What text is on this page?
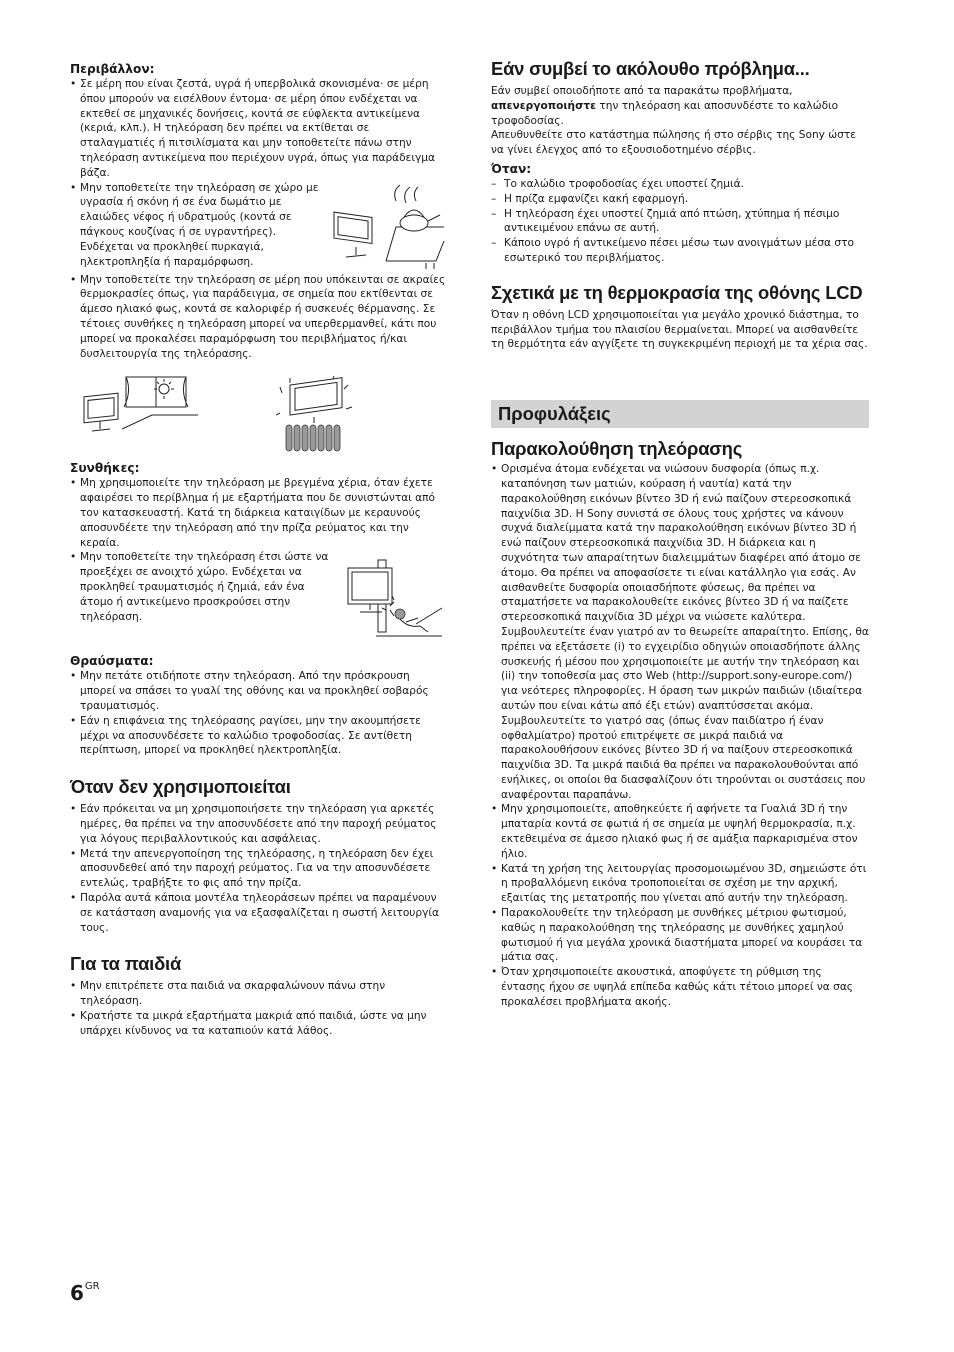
Περιβάλλον:

• Σε μέρη που είναι ζεστά, υγρά ή υπερβολικά σκονισμένα· σε μέρη όπου μπορούν να εισέλθουν έντομα· σε μέρη όπου ενδέχεται να εκτεθεί σε μηχανικές δονήσεις, κοντά σε εύφλεκτα αντικείμενα (κεριά, κλπ.). Η τηλεόραση δεν πρέπει να εκτίθεται σε σταλαγματιές ή πιτσιλίσματα και μην τοποθετείτε πάνω στην τηλεόραση αντικείμενα που περιέχουν υγρά, όπως για παράδειγμα βάζα.
• Μην τοποθετείτε την τηλεόραση σε χώρο με υγρασία ή σκόνη ή σε ένα δωμάτιο με ελαιώδες νέφος ή υδρατμούς (κοντά σε πάγκους κουζίνας ή σε υγραντήρες). Ενδέχεται να προκληθεί πυρκαγιά, ηλεκτροπληξία ή παραμόρφωση.
• Μην τοποθετείτε την τηλεόραση σε μέρη που υπόκεινται σε ακραίες θερμοκρασίες όπως, για παράδειγμα, σε σημεία που εκτίθενται σε άμεσο ηλιακό φως, κοντά σε καλοριφέρ ή συσκευές θέρμανσης. Σε τέτοιες συνθήκες η τηλεόραση μπορεί να υπερθερμανθεί, κάτι που μπορεί να προκαλέσει παραμόρφωση του περιβλήματος ή/και δυσλειτουργία της τηλεόρασης.

Συνθήκες:

• Μη χρησιμοποιείτε την τηλεόραση με βρεγμένα χέρια, όταν έχετε αφαιρέσει το περίβλημα ή με εξαρτήματα που δε συνιστώνται από τον κατασκευαστή. Κατά τη διάρκεια καταιγίδων με κεραυνούς αποσυνδέετε την τηλεόραση από την πρίζα ρεύματος και την κεραία.
• Μην τοποθετείτε την τηλεόραση έτσι ώστε να προεξέχει σε ανοιχτό χώρο. Ενδέχεται να προκληθεί τραυματισμός ή ζημιά, εάν ένα άτομο ή αντικείμενο προσκρούσει στην τηλεόραση.

Θραύσματα:

• Μην πετάτε οτιδήποτε στην τηλεόραση. Από την πρόσκρουση μπορεί να σπάσει το γυαλί της οθόνης και να προκληθεί σοβαρός τραυματισμός.
• Εάν η επιφάνεια της τηλεόρασης ραγίσει, μην την ακουμπήσετε μέχρι να αποσυνδέσετε το καλώδιο τροφοδοσίας. Σε αντίθετη περίπτωση, μπορεί να προκληθεί ηλεκτροπληξία.
Όταν δεν χρησιμοποιείται
• Εάν πρόκειται να μη χρησιμοποιήσετε την τηλεόραση για αρκετές ημέρες, θα πρέπει να την αποσυνδέσετε από την παροχή ρεύματος για λόγους περιβαλλοντικούς και ασφάλειας.
• Μετά την απενεργοποίηση της τηλεόρασης, η τηλεόραση δεν έχει αποσυνδεθεί από την παροχή ρεύματος. Για να την αποσυνδέσετε εντελώς, τραβήξτε το φις από την πρίζα.
• Παρόλα αυτά κάποια μοντέλα τηλεοράσεων πρέπει να παραμένουν σε κατάσταση αναμονής για να εξασφαλίζεται η σωστή λειτουργία τους.
Για τα παιδιά
• Μην επιτρέπετε στα παιδιά να σκαρφαλώνουν πάνω στην τηλεόραση.
• Κρατήστε τα μικρά εξαρτήματα μακριά από παιδιά, ώστε να μην υπάρχει κίνδυνος να τα καταπιούν κατά λάθος.
Εάν συμβεί το ακόλουθο πρόβλημα...

Εάν συμβεί οποιοδήποτε από τα παρακάτω προβλήματα, απενεργοποιήστε την τηλεόραση και αποσυνδέστε το καλώδιο τροφοδοσίας.

Απευθυνθείτε στο κατάστημα πώλησης ή στο σέρβις της Sony ώστε να γίνει έλεγχος από το εξουσιοδοτημένο σέρβις.

Όταν:

– Το καλώδιο τροφοδοσίας έχει υποστεί ζημιά.
– Η πρίζα εμφανίζει κακή εφαρμογή.
– Η τηλεόραση έχει υποστεί ζημιά από πτώση, χτύπημα ή πέσιμο αντικειμένου επάνω σε αυτή.
– Κάποιο υγρό ή αντικείμενο πέσει μέσω των ανοιγμάτων μέσα στο εσωτερικό του περιβλήματος.
Σχετικά με τη θερμοκρασία της οθόνης LCD

Όταν η οθόνη LCD χρησιμοποιείται για μεγάλο χρονικό διάστημα, το περιβάλλον τμήμα του πλαισίου θερμαίνεται. Μπορεί να αισθανθείτε τη θερμότητα εάν αγγίξετε τη συγκεκριμένη περιοχή με τα χέρια σας.

Προφυλάξεις
Παρακολούθηση τηλεόρασης
• Ορισμένα άτομα ενδέχεται να νιώσουν δυσφορία (όπως π.χ. καταπόνηση των ματιών, κούραση ή ναυτία) κατά την παρακολούθηση εικόνων βίντεο 3D ή ενώ παίζουν στερεοσκοπικά παιχνίδια 3D. Η Sony συνιστά σε όλους τους χρήστες να κάνουν συχνά διαλείμματα κατά την παρακολούθηση εικόνων βίντεο 3D ή ενώ παίζουν στερεοσκοπικά παιχνίδια 3D. Η διάρκεια και η συχνότητα των απαραίτητων διαλειμμάτων διαφέρει από άτομο σε άτομο. Θα πρέπει να αποφασίσετε τι είναι κατάλληλο για εσάς. Αν αισθανθείτε δυσφορία οποιασδήποτε φύσεως, θα πρέπει να σταματήσετε να παρακολουθείτε εικόνες βίντεο 3D ή να παίζετε στερεοσκοπικά παιχνίδια 3D μέχρι να νιώσετε καλύτερα. Συμβουλευτείτε έναν γιατρό αν το θεωρείτε απαραίτητο. Επίσης, θα πρέπει να εξετάσετε (i) το εγχειρίδιο οδηγιών οποιασδήποτε άλλης συσκευής ή μέσου που χρησιμοποιείτε με αυτήν την τηλεόραση και (ii) την τοποθεσία μας στο Web (http://support.sony-europe.com/) για νεότερες πληροφορίες. Η όραση των μικρών παιδιών (ιδιαίτερα αυτών που είναι κάτω από έξι ετών) αναπτύσσεται ακόμα. Συμβουλευτείτε το γιατρό σας (όπως έναν παιδίατρο ή έναν οφθαλμίατρο) προτού επιτρέψετε σε μικρά παιδιά να παρακολουθήσουν εικόνες βίντεο 3D ή να παίξουν στερεοσκοπικά παιχνίδια 3D. Τα μικρά παιδιά θα πρέπει να παρακολουθούνται από ενήλικες, οι οποίοι θα διασφαλίζουν ότι τηρούνται οι συστάσεις που αναφέρονται παραπάνω.
• Μην χρησιμοποιείτε, αποθηκεύετε ή αφήνετε τα Γυαλιά 3D ή την μπαταρία κοντά σε φωτιά ή σε σημεία με υψηλή θερμοκρασία, π.χ. εκτεθειμένα σε άμεσο ηλιακό φως ή σε αμάξια παρκαρισμένα στον ήλιο.
• Κατά τη χρήση της λειτουργίας προσομοιωμένου 3D, σημειώστε ότι η προβαλλόμενη εικόνα τροποποιείται σε σχέση με την αρχική, εξαιτίας της μετατροπής που γίνεται από αυτήν την τηλεόραση.
• Παρακολουθείτε την τηλεόραση με συνθήκες μέτριου φωτισμού, καθώς η παρακολούθηση της τηλεόρασης με συνθήκες χαμηλού φωτισμού ή για μεγάλα χρονικά διαστήματα μπορεί να κουράσει τα μάτια σας.
• Όταν χρησιμοποιείτε ακουστικά, αποφύγετε τη ρύθμιση της έντασης ήχου σε υψηλά επίπεδα καθώς κάτι τέτοιο μπορεί να σας προκαλέσει προβλήματα ακοής.
$6^{GR}$
